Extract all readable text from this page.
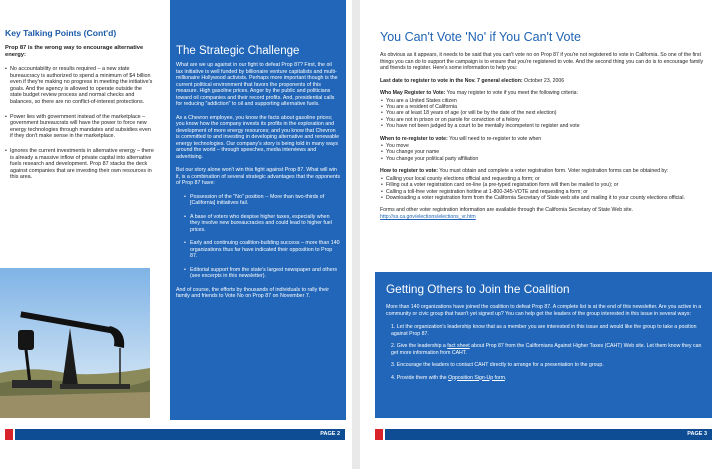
Key Talking Points (Cont'd)

Prop 87 is the wrong way to encourage alternative energy:

• No accountability or results required – a new state bureaucracy is authorized to spend a minimum of $4 billion even if they're making no progress in meeting the initiative's goals. And the agency is allowed to operate outside the state budget review process and normal checks and balances, so there are no conflict-of-interest protections.
• Power lies with government instead of the marketplace – government bureaucrats will have the power to force new energy technologies through mandates and subsidies even if they don't make sense in the marketplace.
• Ignores the current investments in alternative energy – there is already a massive inflow of private capital into alternative fuels research and development. Prop 87 stacks the deck against companies that are investing their own resources in this area.
The Strategic Challenge

What are we up against in our fight to defeat Prop 87? First, the oil tax initiative is well funded by billionaire venture capitalists and multi-millionaire Hollywood activists. Perhaps more important though is the current political environment that favors the proponents of this measure. High gasoline prices. Anger by the public and politicians toward oil companies and their record profits. And, presidential calls for reducing "addiction" to oil and supporting alternative fuels.

As a Chevron employee, you know the facts about gasoline prices; you know how the company invests its profits in the exploration and development of more energy resources; and you know that Chevron is committed to and investing in developing alternative and renewable energy technologies. Our company's story is being told in many ways around the world – through speeches, media interviews and advertising.

But our story alone won't win this fight against Prop 87. What will win it, is a combination of several strategic advantages that the opponents of Prop 87 have:

• Possession of the "No" position -- More than two-thirds of [California] initiatives fail.
• A base of voters who despise higher taxes, especially when they involve new bureaucracies and could lead to higher fuel prices.
• Early and continuing coalition-building success – more than 140 organizations thus far have indicated their opposition to Prop 87.
• Editorial support from the state's largest newspaper and others (see excerpts in this newsletter).

And of course, the efforts by thousands of individuals to rally their family and friends to Vote No on Prop 87 on November 7.

PAGE 2
You Can't Vote 'No' if You Can't Vote

As obvious as it appears, it needs to be said that you can't vote no on Prop 87 if you're not registered to vote in California. So one of the first things you can do to support the campaign is to ensure that you're registered to vote. And the second thing you can do is to encourage family and friends to register. Here's some information to help you:

Last date to register to vote in the Nov. 7 general election: October 23, 2006

Who May Register to Vote: You may register to vote if you meet the following criteria:

• You are a United States citizen
• You are a resident of California
• You are at least 18 years of age (or will be by the date of the next election)
• You are not in prison or on parole for conviction of a felony
• You have not been judged by a court to be mentally incompetent to register and vote

When to re-register to vote: You will need to re-register to vote when

• You move
• You change your name
• You change your political party affiliation

How to register to vote: You must obtain and complete a voter registration form. Voter registration forms can be obtained by:

• Calling your local county elections official and requesting a form; or
• Filling out a voter registration card on-line (a pre-typed registration form will then be mailed to you); or
• Calling a toll-free voter registration hotline at 1-800-345-VOTE and requesting a form; or
• Downloading a voter registration form from the California Secretary of State web site and mailing it to your county elections official.

Forms and other voter registration information are available through the California Secretary of State Web site. http://ss.ca.gov/elections/elections_vr.htm

Getting Others to Join the Coalition

More than 140 organizations have joined the coalition to defeat Prop 87. A complete list is at the end of this newsletter. Are you active in a community or civic group that hasn't yet signed up? You can help get the leaders of the group interested in this issue in several ways:

1. Let the organization's leadership know that as a member you are interested in this issue and would like the group to take a position against Prop 87.
2. Give the leadership a fact sheet about Prop 87 from the Californians Against Higher Taxes (CAHT) Web site. Let them know they can get more information from CAHT.
3. Encourage the leaders to contact CAHT directly to arrange for a presentation to the group.
4. Provide them with the Opposition Sign-Up form.
PAGE 3
